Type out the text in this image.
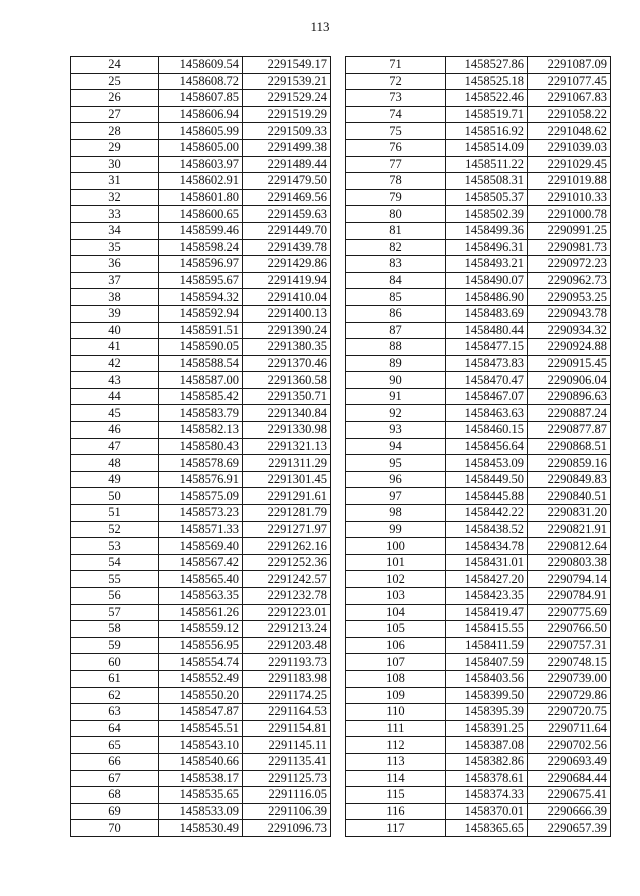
113
24	1458609.54	2291549.17
25	1458608.72	2291539.21
26	1458607.85	2291529.24
27	1458606.94	2291519.29
28	1458605.99	2291509.33
29	1458605.00	2291499.38
30	1458603.97	2291489.44
31	1458602.91	2291479.50
32	1458601.80	2291469.56
33	1458600.65	2291459.63
34	1458599.46	2291449.70
35	1458598.24	2291439.78
36	1458596.97	2291429.86
37	1458595.67	2291419.94
38	1458594.32	2291410.04
39	1458592.94	2291400.13
40	1458591.51	2291390.24
41	1458590.05	2291380.35
42	1458588.54	2291370.46
43	1458587.00	2291360.58
44	1458585.42	2291350.71
45	1458583.79	2291340.84
46	1458582.13	2291330.98
47	1458580.43	2291321.13
48	1458578.69	2291311.29
49	1458576.91	2291301.45
50	1458575.09	2291291.61
51	1458573.23	2291281.79
52	1458571.33	2291271.97
53	1458569.40	2291262.16
54	1458567.42	2291252.36
55	1458565.40	2291242.57
56	1458563.35	2291232.78
57	1458561.26	2291223.01
58	1458559.12	2291213.24
59	1458556.95	2291203.48
60	1458554.74	2291193.73
61	1458552.49	2291183.98
62	1458550.20	2291174.25
63	1458547.87	2291164.53
64	1458545.51	2291154.81
65	1458543.10	2291145.11
66	1458540.66	2291135.41
67	1458538.17	2291125.73
68	1458535.65	2291116.05
69	1458533.09	2291106.39
70	1458530.49	2291096.73
71	1458527.86	2291087.09
72	1458525.18	2291077.45
73	1458522.46	2291067.83
74	1458519.71	2291058.22
75	1458516.92	2291048.62
76	1458514.09	2291039.03
77	1458511.22	2291029.45
78	1458508.31	2291019.88
79	1458505.37	2291010.33
80	1458502.39	2291000.78
81	1458499.36	2290991.25
82	1458496.31	2290981.73
83	1458493.21	2290972.23
84	1458490.07	2290962.73
85	1458486.90	2290953.25
86	1458483.69	2290943.78
87	1458480.44	2290934.32
88	1458477.15	2290924.88
89	1458473.83	2290915.45
90	1458470.47	2290906.04
91	1458467.07	2290896.63
92	1458463.63	2290887.24
93	1458460.15	2290877.87
94	1458456.64	2290868.51
95	1458453.09	2290859.16
96	1458449.50	2290849.83
97	1458445.88	2290840.51
98	1458442.22	2290831.20
99	1458438.52	2290821.91
100	1458434.78	2290812.64
101	1458431.01	2290803.38
102	1458427.20	2290794.14
103	1458423.35	2290784.91
104	1458419.47	2290775.69
105	1458415.55	2290766.50
106	1458411.59	2290757.31
107	1458407.59	2290748.15
108	1458403.56	2290739.00
109	1458399.50	2290729.86
110	1458395.39	2290720.75
111	1458391.25	2290711.64
112	1458387.08	2290702.56
113	1458382.86	2290693.49
114	1458378.61	2290684.44
115	1458374.33	2290675.41
116	1458370.01	2290666.39
117	1458365.65	2290657.39
